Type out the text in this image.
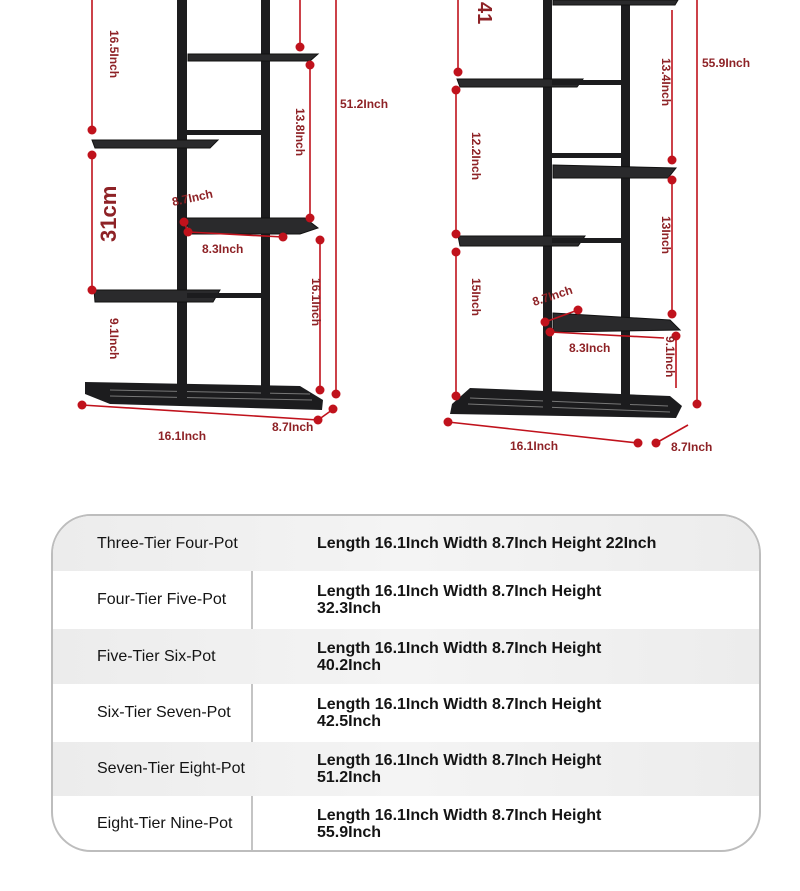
16.5Inch
51.2Inch
13.8Inch
31cm	8.7Inch
8.3Inch
16.1Inch
9.1Inch
16.1Inch
8.7Inch
41
55.9Inch
13.4Inch
12.2Inch
13Inch
15Inch	8.7Inch
8.3Inch	9.1Inch
16.1Inch	8.7Inch
Three-Tier Four-Pot	Length 16.1Inch Width 8.7Inch Height 22Inch
Four-Tier Five-Pot	Length 16.1Inch Width 8.7Inch Height 32.3Inch
Five-Tier Six-Pot	Length 16.1Inch Width 8.7Inch Height 40.2Inch
Six-Tier Seven-Pot	Length 16.1Inch Width 8.7Inch Height 42.5Inch
Seven-Tier Eight-Pot	Length 16.1Inch Width 8.7Inch Height 51.2Inch
Eight-Tier Nine-Pot	Length 16.1Inch Width 8.7Inch Height 55.9Inch
